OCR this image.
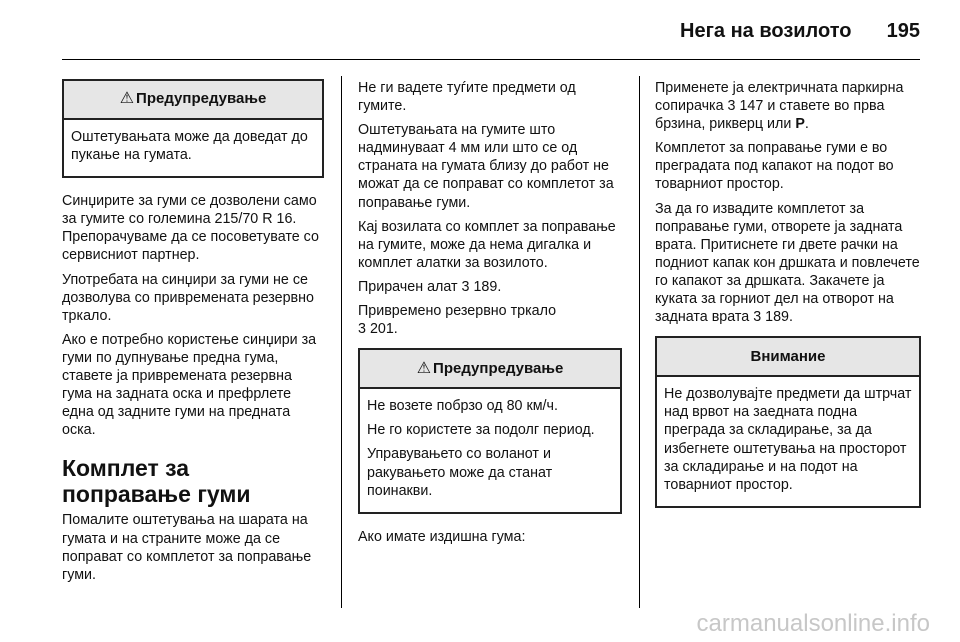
Нега на возилото 195
⚠ Предупредување

Оштетувањата може да доведат до пукање на гумата.

Синџирите за гуми се дозволени само за гумите со големина 215/70 R 16. Препорачуваме да се посоветувате со сервисниот партнер.

Употребата на синџири за гуми не се дозволува со привремената резервно тркало.

Ако е потребно користење синџири за гуми по дупнување предна гума, ставете ја привремената резервна гума на задната оска и префрлете една од задните гуми на предната оска.

Комплет за поправање гуми

Помалите оштетувања на шарата на гумата и на страните може да се поправат со комплетот за поправање гуми.

Не ги вадете туѓите предмети од гумите.

Оштетувањата на гумите што надминуваат 4 мм или што се од страната на гумата близу до работ не можат да се поправат со комплетот за поправање гуми.

Кај возилата со комплет за поправање на гумите, може да нема дигалка и комплет алатки за возилото.

Прирачен алат 3 189.

Привремено резервно тркало
3 201.

⚠ Предупредување

Не возете побрзо од 80 км/ч.

Не го користете за подолг период.

Управувањето со воланот и ракувањето може да станат поинакви.

Ако имате издишна гума:

Применете ја електричната паркирна сопирачка 3 147 и ставете во прва брзина, рикверц или P.

Комплетот за поправање гуми е во преградата под капакот на подот во товарниот простор.

За да го извадите комплетот за поправање гуми, отворете ја задната врата. Притиснете ги двете рачки на подниот капак кон дршката и повлечете го капакот за дршката. Закачете ја куката за горниот дел на отворот на задната врата 3 189.

Внимание

Не дозволувајте предмети да штрчат над врвот на заедната подна преграда за складирање, за да избегнете оштетувања на просторот за складирање и на подот на товарниот простор.

carmanualsonline.info
